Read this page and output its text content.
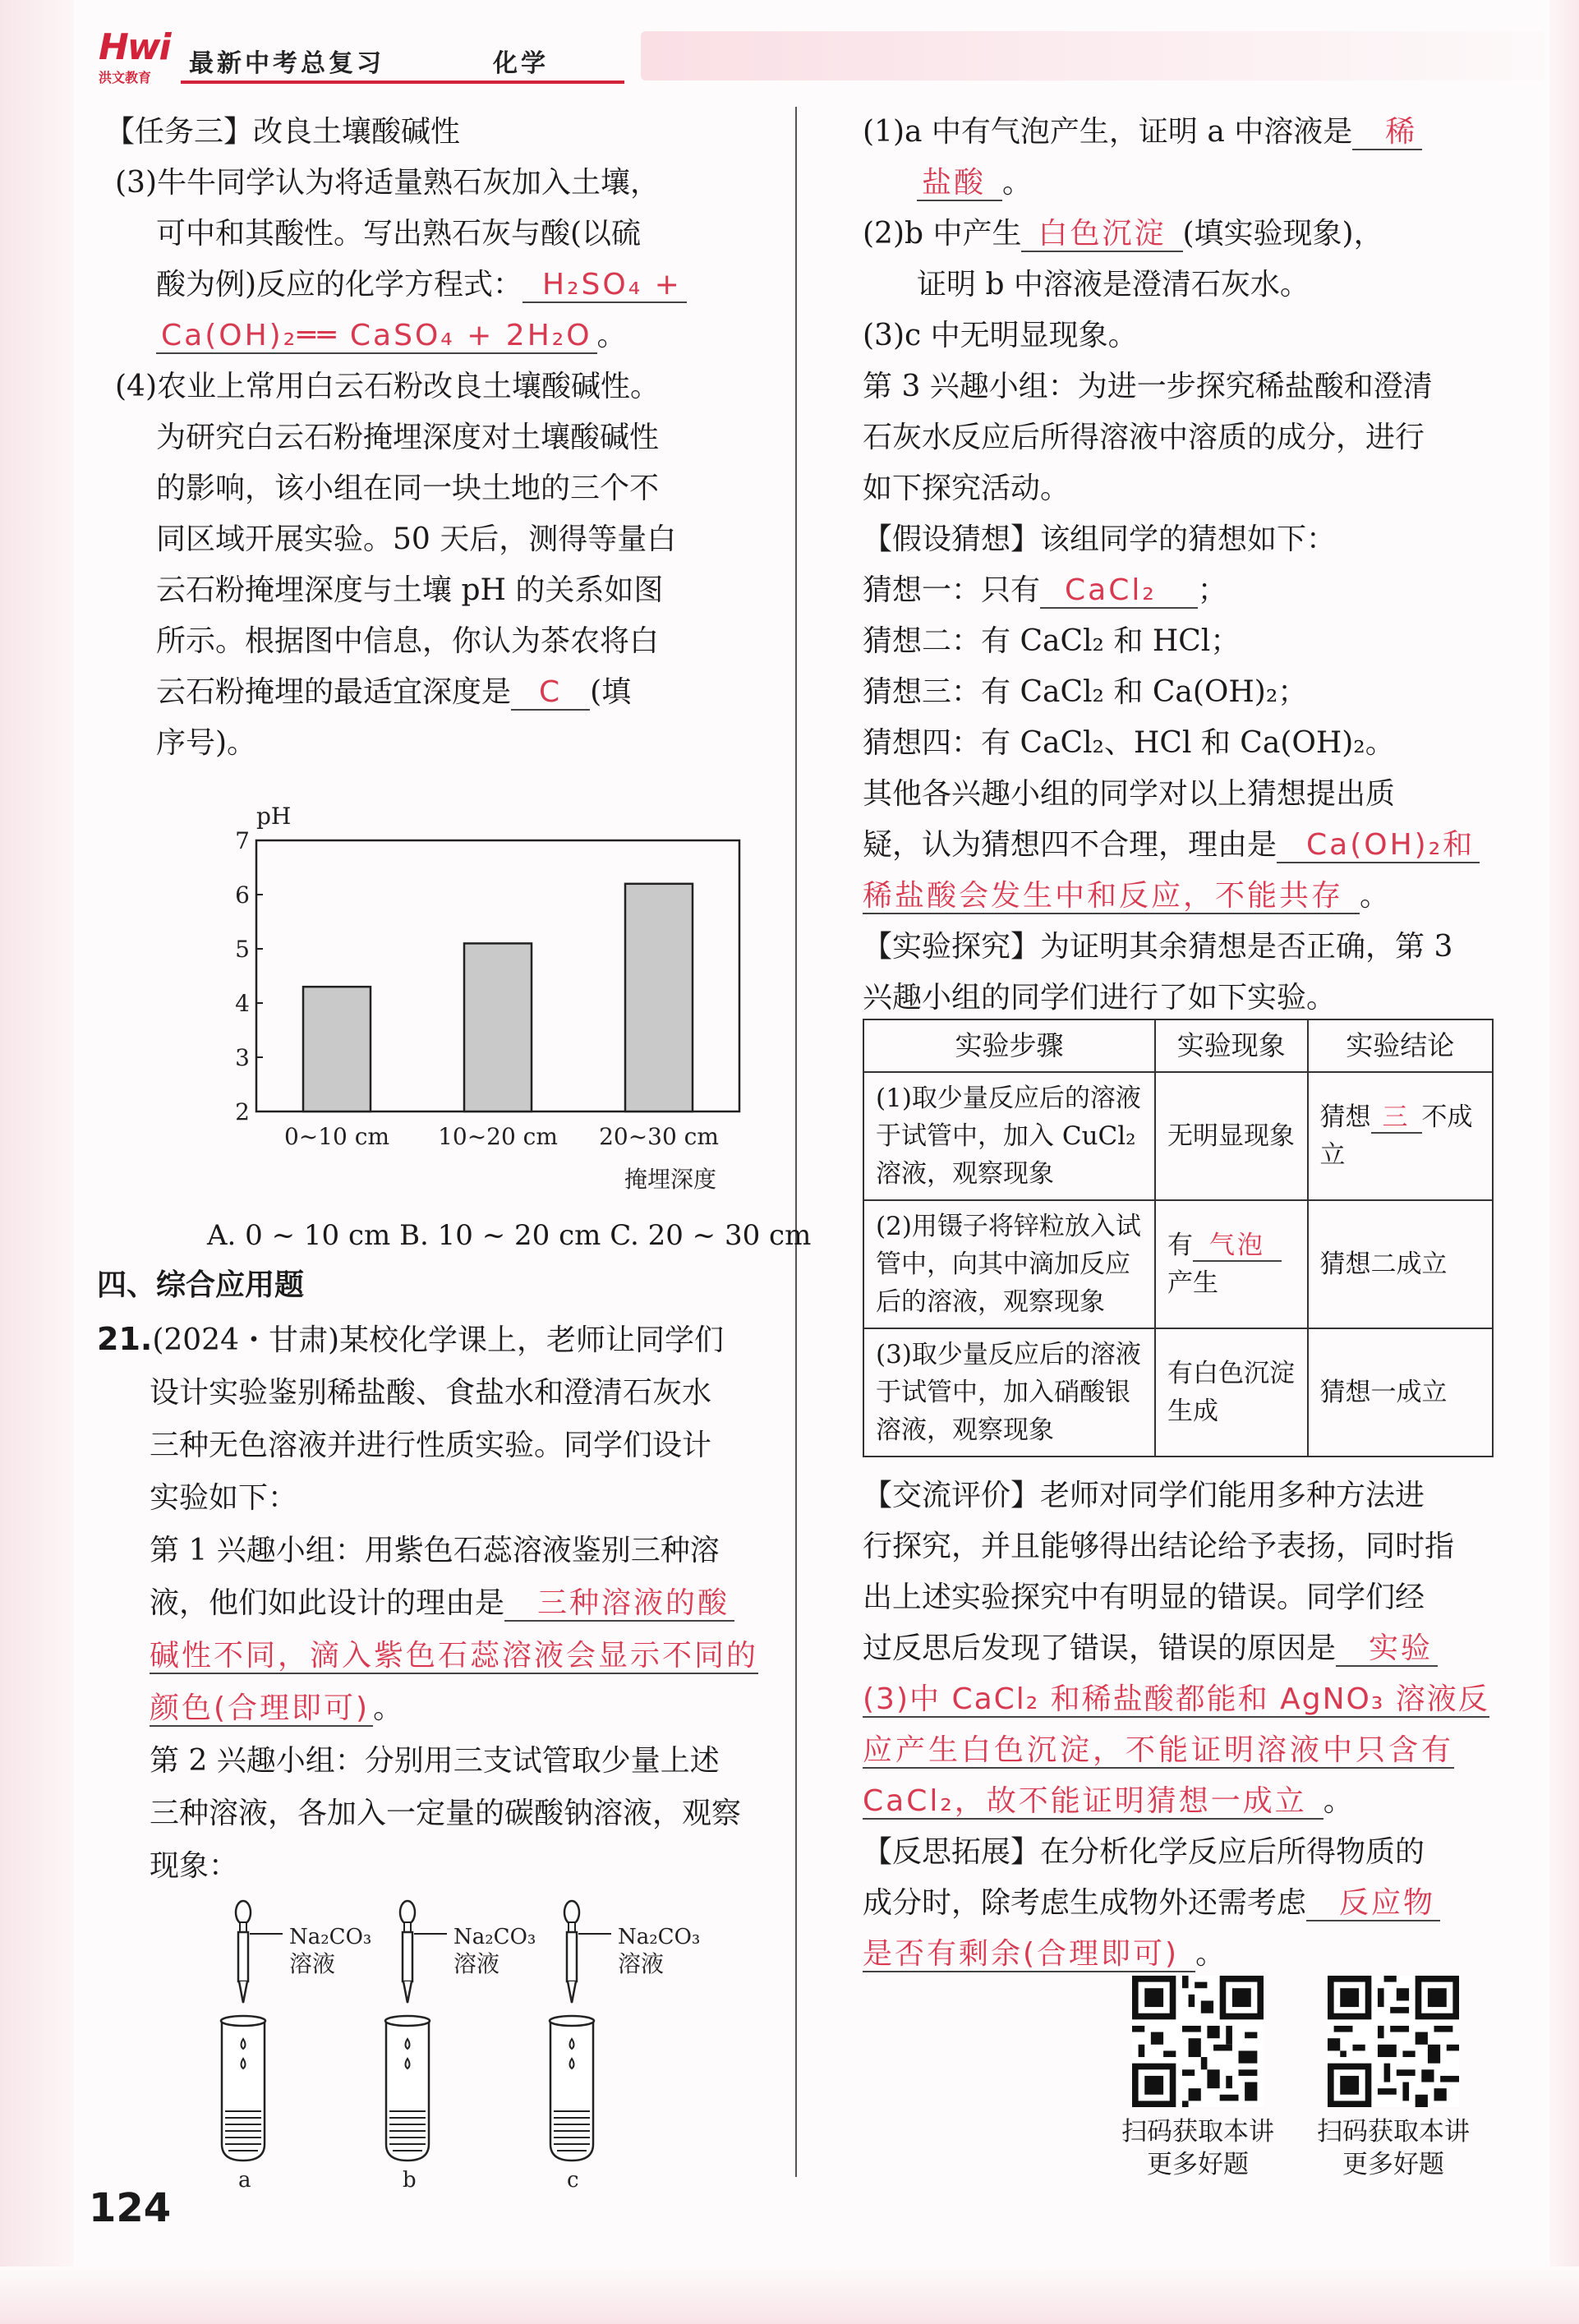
Hwi
洪文教育 最新中考总复习	化学

【任务三】改良土壤酸碱性

(3)牛牛同学认为将适量熟石灰加入土壤，

可中和其酸性。写出熟石灰与酸(以硫

酸为例)反应的化学方程式： H₂SO₄ +

Ca(OH)₂══ CaSO₄ + 2H₂O 。

(4)农业上常用白云石粉改良土壤酸碱性。

为研究白云石粉掩埋深度对土壤酸碱性

的影响，该小组在同一块土地的三个不

同区域开展实验。50 天后，测得等量白

云石粉掩埋深度与土壤 pH 的关系如图

所示。根据图中信息，你认为茶农将白

云石粉掩埋的最适宜深度是 C (填

序号)。

pH
2
3
4
5
6
7
0~10 cm 10~20 cm 20~30 cm
掩埋深度
A. 0 ~ 10 cm B. 10 ~ 20 cm C. 20 ~ 30 cm
四、综合应用题

21.(2024・甘肃)某校化学课上，老师让同学们

设计实验鉴别稀盐酸、食盐水和澄清石灰水

三种无色溶液并进行性质实验。同学们设计

实验如下：

第 1 兴趣小组：用紫色石蕊溶液鉴别三种溶

液，他们如此设计的理由是 三种溶液的酸

碱性不同，滴入紫色石蕊溶液会显示不同的

颜色(合理即可) 。

第 2 兴趣小组：分别用三支试管取少量上述

三种溶液，各加入一定量的碳酸钠溶液，观察

现象：

Na₂CO₃
溶液
a
Na₂CO₃
溶液
b
Na₂CO₃
溶液
c

(1)a 中有气泡产生，证明 a 中溶液是 稀

盐酸 。

(2)b 中产生 白色沉淀 (填实验现象)，

证明 b 中溶液是澄清石灰水。

(3)c 中无明显现象。

第 3 兴趣小组：为进一步探究稀盐酸和澄清

石灰水反应后所得溶液中溶质的成分，进行

如下探究活动。

【假设猜想】该组同学的猜想如下：

猜想一：只有 CaCl₂ ；

猜想二：有 CaCl₂ 和 HCl；

猜想三：有 CaCl₂ 和 Ca(OH)₂；

猜想四：有 CaCl₂、HCl 和 Ca(OH)₂。

其他各兴趣小组的同学对以上猜想提出质

疑，认为猜想四不合理，理由是 Ca(OH)₂和

稀盐酸会发生中和反应，不能共存 。

【实验探究】为证明其余猜想是否正确，第 3

兴趣小组的同学们进行了如下实验。

实验步骤	实验现象	实验结论
(1)取少量反应后的溶液于试管中，加入 CuCl₂ 溶液，观察现象	无明显现象	猜想 三 不成立
(2)用镊子将锌粒放入试管中，向其中滴加反应后的溶液，观察现象	有 气泡
产生	猜想二成立
(3)取少量反应后的溶液于试管中，加入硝酸银溶液，观察现象	有白色沉淀生成	猜想一成立

【交流评价】老师对同学们能用多种方法进

行探究，并且能够得出结论给予表扬，同时指

出上述实验探究中有明显的错误。同学们经

过反思后发现了错误，错误的原因是 实验

(3)中 CaCl₂ 和稀盐酸都能和 AgNO₃ 溶液反

应产生白色沉淀，不能证明溶液中只含有

CaCl₂，故不能证明猜想一成立 。

【反思拓展】在分析化学反应后所得物质的

成分时，除考虑生成物外还需考虑 反应物

是否有剩余(合理即可) 。

扫码获取本讲
更多好题
扫码获取本讲
更多好题
124
